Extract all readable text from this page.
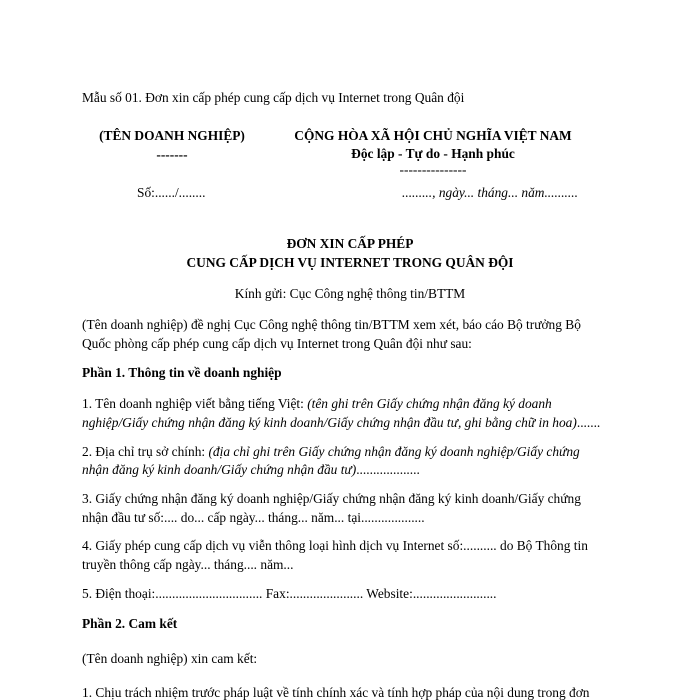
Mẫu số 01. Đơn xin cấp phép cung cấp dịch vụ Internet trong Quân đội
(TÊN DOANH NGHIỆP)
-------
CỘNG HÒA XÃ HỘI CHỦ NGHĨA VIỆT NAM
Độc lập - Tự do - Hạnh phúc
---------------
Số:....../........	........., ngày... tháng... năm..........
ĐƠN XIN CẤP PHÉP
CUNG CẤP DỊCH VỤ INTERNET TRONG QUÂN ĐỘI
Kính gửi: Cục Công nghệ thông tin/BTTM
(Tên doanh nghiệp) đề nghị Cục Công nghệ thông tin/BTTM xem xét, báo cáo Bộ trưởng Bộ
Quốc phòng cấp phép cung cấp dịch vụ Internet trong Quân đội như sau:
Phần 1. Thông tin về doanh nghiệp
1. Tên doanh nghiệp viết bằng tiếng Việt: (tên ghi trên Giấy chứng nhận đăng ký doanh
nghiệp/Giấy chứng nhận đăng ký kinh doanh/Giấy chứng nhận đầu tư, ghi bằng chữ in hoa).......
2. Địa chỉ trụ sở chính: (địa chỉ ghi trên Giấy chứng nhận đăng ký doanh nghiệp/Giấy chứng
nhận đăng ký kinh doanh/Giấy chứng nhận đầu tư)...................
3. Giấy chứng nhận đăng ký doanh nghiệp/Giấy chứng nhận đăng ký kinh doanh/Giấy chứng
nhận đầu tư số:.... do... cấp ngày... tháng... năm... tại...................
4. Giấy phép cung cấp dịch vụ viễn thông loại hình dịch vụ Internet số:.......... do Bộ Thông tin
truyền thông cấp ngày... tháng.... năm...
5. Điện thoại:................................ Fax:...................... Website:.........................
Phần 2. Cam kết
(Tên doanh nghiệp) xin cam kết:
1. Chịu trách nhiệm trước pháp luật về tính chính xác và tính hợp pháp của nội dung trong đơn
